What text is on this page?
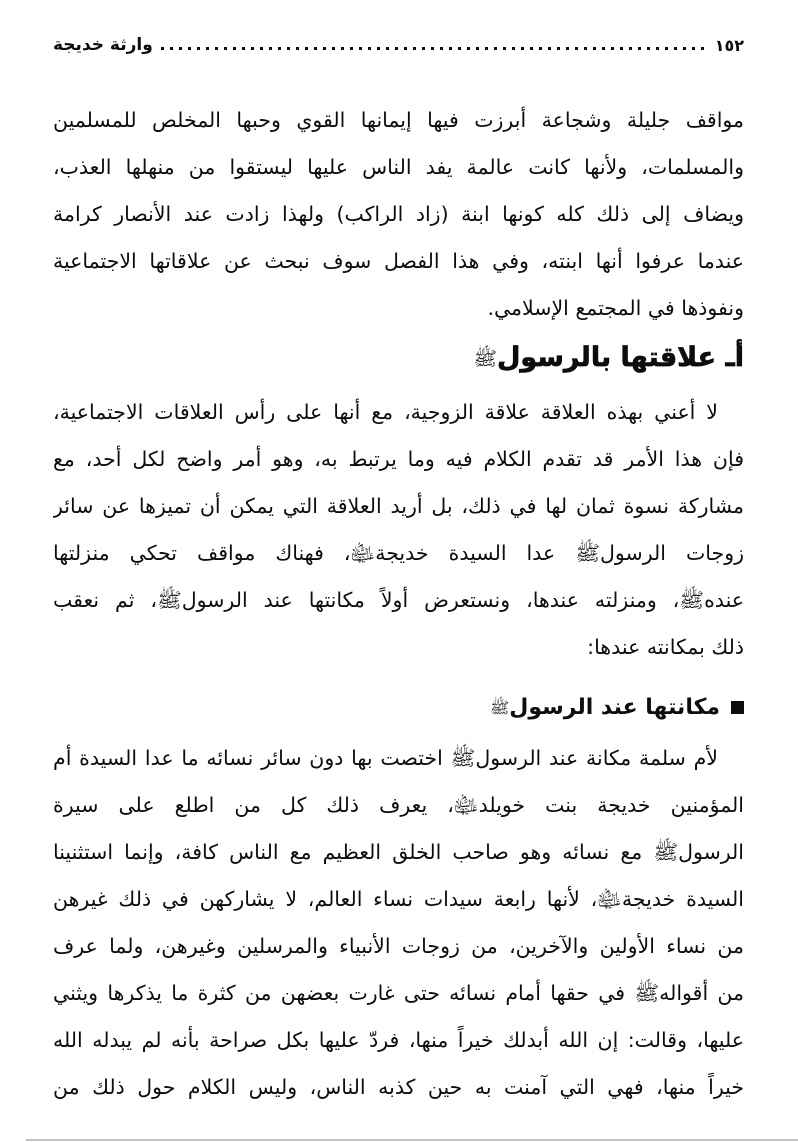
وارثة خديجة	١٥٢
مواقف جليلة وشجاعة أبرزت فيها إيمانها القوي وحبها المخلص للمسلمين
والمسلمات، ولأنها كانت عالمة يفد الناس عليها ليستقوا من منهلها العذب،
ويضاف إلى ذلك كله كونها ابنة (زاد الراكب) ولهذا زادت عند الأنصار كرامة
عندما عرفوا أنها ابنته، وفي هذا الفصل سوف نبحث عن علاقاتها الاجتماعية
ونفوذها في المجتمع الإسلامي.
أـ علاقتها بالرسولﷺ
لا أعني بهذه العلاقة علاقة الزوجية، مع أنها على رأس العلاقات الاجتماعية،
فإن هذا الأمر قد تقدم الكلام فيه وما يرتبط به، وهو أمر واضح لكل أحد، مع
مشاركة نسوة ثمان لها في ذلك، بل أريد العلاقة التي يمكن أن تميزها عن سائر
زوجات الرسولﷺ عدا السيدة خديجة﵍، فهناك مواقف تحكي منزلتها
عندهﷺ، ومنزلته عندها، ونستعرض أولاً مكانتها عند الرسولﷺ، ثم نعقب
ذلك بمكانته عندها:
مكانتها عند الرسولﷺ
لأم سلمة مكانة عند الرسولﷺ اختصت بها دون سائر نسائه ما عدا السيدة أم
المؤمنين خديجة بنت خويلد﵍، يعرف ذلك كل من اطلع على سيرة
الرسولﷺ مع نسائه وهو صاحب الخلق العظيم مع الناس كافة، وإنما استثنينا
السيدة خديجة﵍، لأنها رابعة سيدات نساء العالم، لا يشاركهن في ذلك غيرهن
من نساء الأولين والآخرين، من زوجات الأنبياء والمرسلين وغيرهن، ولما عرف
من أقوالهﷺ في حقها أمام نسائه حتى غارت بعضهن من كثرة ما يذكرها ويثني
عليها، وقالت: إن الله أبدلك خيراً منها، فردّ عليها بكل صراحة بأنه لم يبدله الله
خيراً منها، فهي التي آمنت به حين كذبه الناس، وليس الكلام حول ذلك من
